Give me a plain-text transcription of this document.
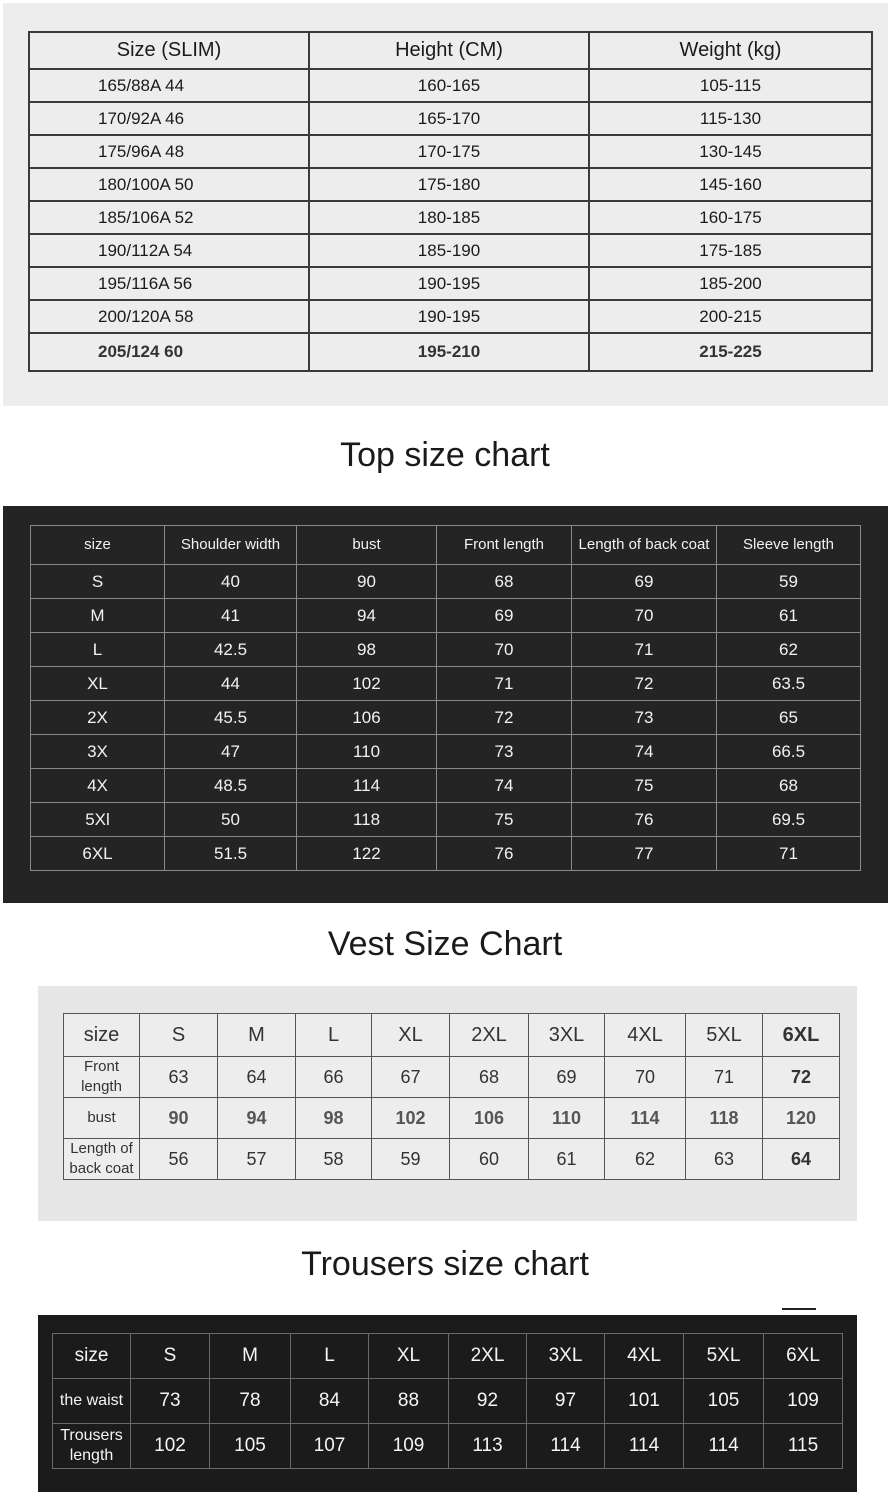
Size (SLIM)	Height (CM)	Weight (kg)
165/88A 44	160-165	105-115
170/92A 46	165-170	115-130
175/96A 48	170-175	130-145
180/100A 50	175-180	145-160
185/106A 52	180-185	160-175
190/112A 54	185-190	175-185
195/116A 56	190-195	185-200
200/120A 58	190-195	200-215
205/124 60	195-210	215-225
Top size chart
size	Shoulder width	bust	Front length	Length of back coat	Sleeve length
S	40	90	68	69	59
M	41	94	69	70	61
L	42.5	98	70	71	62
XL	44	102	71	72	63.5
2X	45.5	106	72	73	65
3X	47	110	73	74	66.5
4X	48.5	114	74	75	68
5Xl	50	118	75	76	69.5
6XL	51.5	122	76	77	71
Vest Size Chart
size	S	M	L	XL	2XL	3XL	4XL	5XL	6XL
Front length	63	64	66	67	68	69	70	71	72
bust	90	94	98	102	106	110	114	118	120
Length of back coat	56	57	58	59	60	61	62	63	64
Trousers size chart
size	S	M	L	XL	2XL	3XL	4XL	5XL	6XL
the waist	73	78	84	88	92	97	101	105	109
Trousers length	102	105	107	109	113	114	114	114	115
